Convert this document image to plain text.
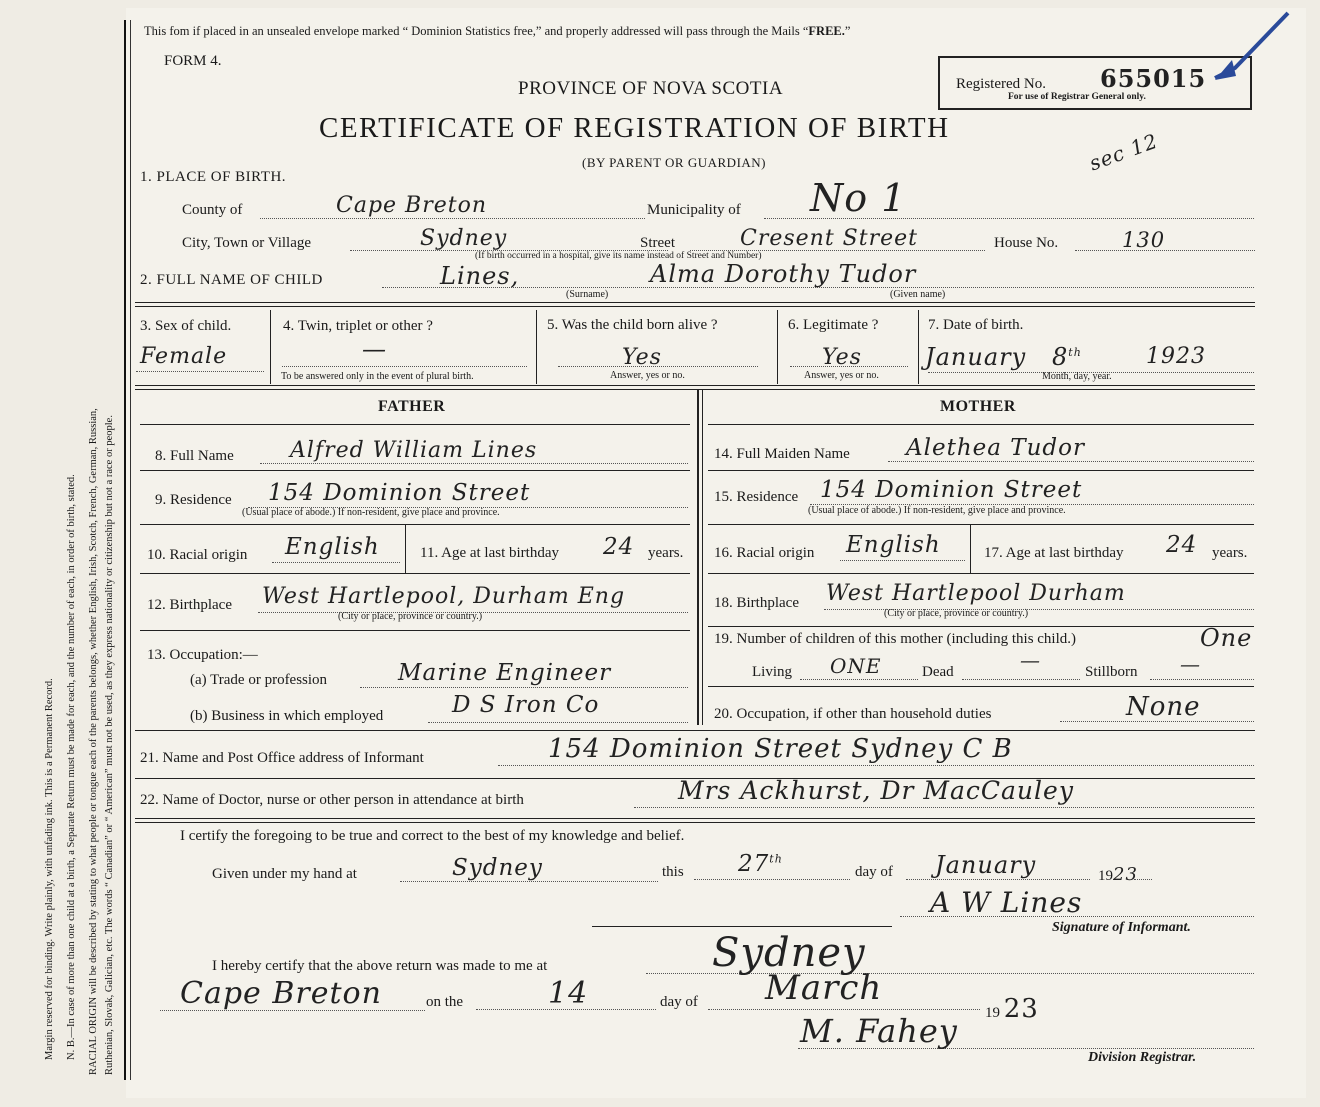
Margin reserved for binding. Write plainly, with unfading ink. This is a Permanent Record. N. B.—In case of more than one child at a birth, a Separate Return must be made for each, and the number of each, in order of birth, stated. RACIAL ORIGIN will be described by stating to what people or tongue each of the parents belongs, whether English, Irish, Scotch, French, German, Russian, Ruthenian, Slovak, Galician, etc. The words “ Canadian” or “ American” must not be used, as they express nationality or citizenship but not a race or people.
This fom if placed in an unsealed envelope marked “ Dominion Statistics free,” and properly addressed will pass through the Mails “FREE.”
FORM 4.
PROVINCE OF NOVA SCOTIA
CERTIFICATE OF REGISTRATION OF BIRTH
(BY PARENT OR GUARDIAN)
Registered No. 655015
For use of Registrar General only.
sec 12
1. PLACE OF BIRTH.
County of	Cape Breton	Municipality of No 1
City, Town or Village	Sydney	Street	Cresent Street	House No.	130
(If birth occurred in a hospital, give its name instead of Street and Number)
2. FULL NAME OF CHILD	Lines,	Alma Dorothy Tudor
(Surname)	(Given name)
3. Sex of child.
Female
4. Twin, triplet or other ?
—
To be answered only in the event of plural birth.
5. Was the child born alive ?
Yes
Answer, yes or no.
6. Legitimate ?
Yes
Answer, yes or no.
7. Date of birth.
January 8th	1923
Month, day, year.
FATHER	MOTHER
8. Full Name	Alfred William Lines
9. Residence 154 Dominion Street
(Usual place of abode.) If non-resident, give place and province.
10. Racial origin English	11. Age at last birthday 24 years.
12. Birthplace West Hartlepool, Durham Eng
(City or place, province or country.)
13. Occupation:—
(a) Trade or profession	Marine Engineer
(b) Business in which employed	D S Iron Co
14. Full Maiden Name Alethea Tudor
15. Residence 154 Dominion Street
(Usual place of abode.) If non-resident, give place and province.
16. Racial origin English	17. Age at last birthday 24 years.
18. Birthplace West Hartlepool Durham
(City or place, province or country.)
19. Number of children of this mother (including this child.)	One
Living ONE	Dead	—	Stillborn —
20. Occupation, if other than household duties	None
21. Name and Post Office address of Informant	154 Dominion Street Sydney C B
22. Name of Doctor, nurse or other person in attendance at birth	Mrs Ackhurst, Dr MacCauley
I certify the foregoing to be true and correct to the best of my knowledge and belief.
Given under my hand at	Sydney	this 27th
day of January	1923
A W Lines
Signature of Informant.
I hereby certify that the above return was made to me at	Sydney
Cape Breton	on the	14	day of March
19 23
M. Fahey
Division Registrar.
